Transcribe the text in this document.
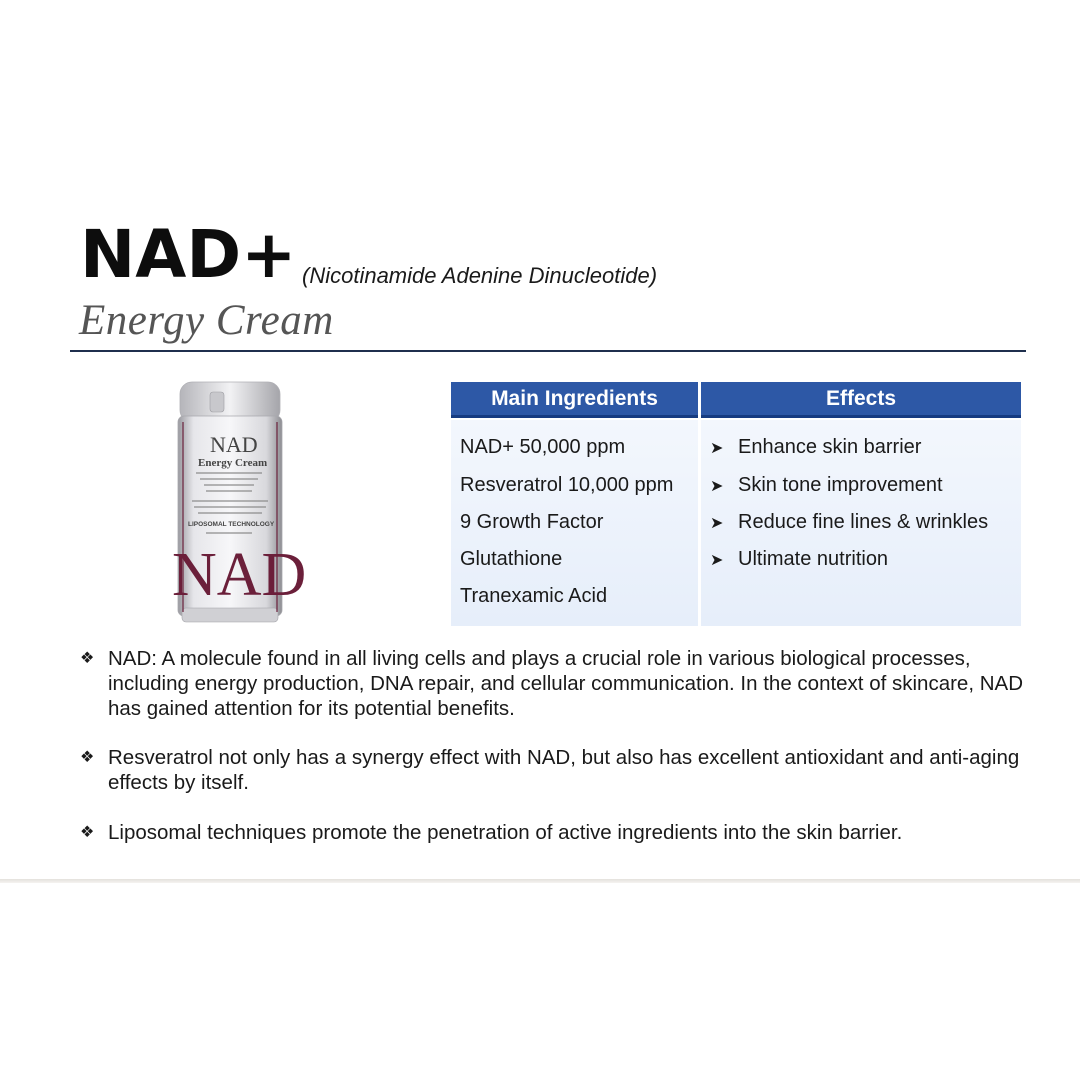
NAD+ (Nicotinamide Adenine Dinucleotide)
Energy Cream
NAD
Energy Cream
LIPOSOMAL TECHNOLOGY
NAD
Main Ingredients	Effects
NAD+ 50,000 ppm
Resveratrol 10,000 ppm
9 Growth Factor
Glutathione
Tranexamic Acid
➤ Enhance skin barrier
➤ Skin tone improvement
➤ Reduce fine lines & wrinkles
➤ Ultimate nutrition
❖ NAD: A molecule found in all living cells and plays a crucial role in various biological processes, including energy production, DNA repair, and cellular communication. In the context of skincare, NAD has gained attention for its potential benefits.
❖ Resveratrol not only has a synergy effect with NAD, but also has excellent antioxidant and anti-aging effects by itself.
❖ Liposomal techniques promote the penetration of active ingredients into the skin barrier.
